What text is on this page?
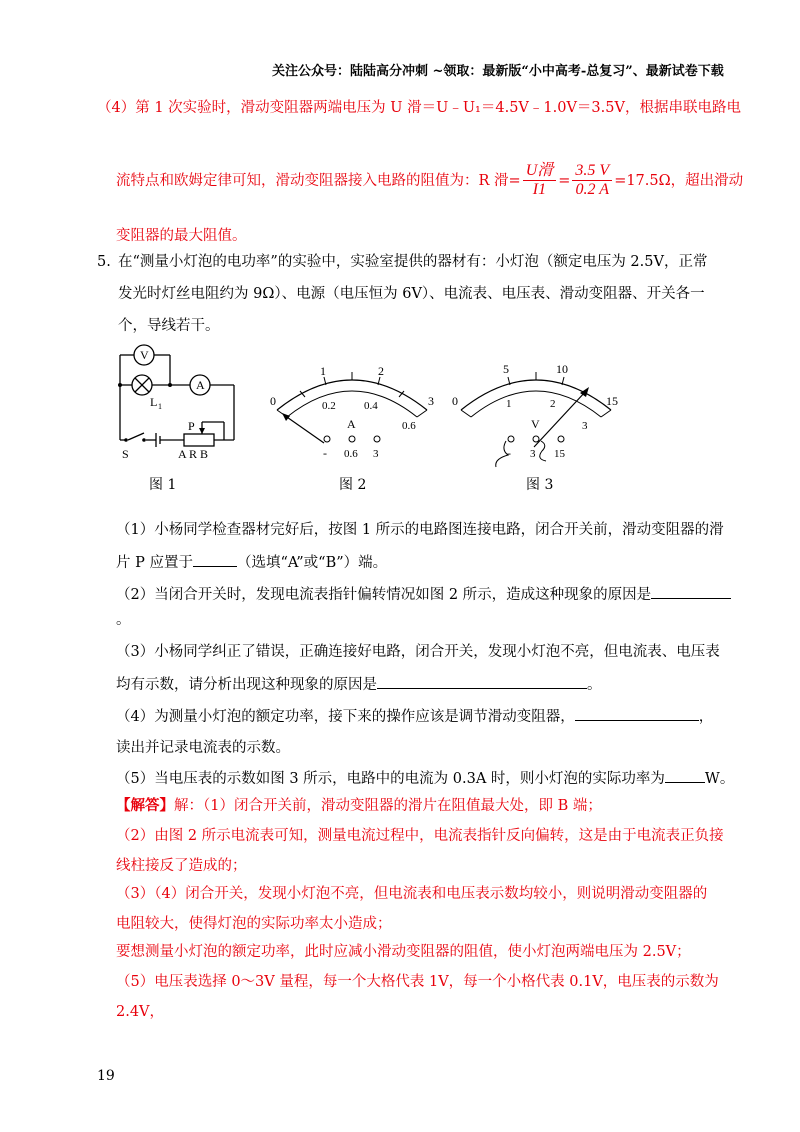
关注公众号：陆陆高分冲刺 ~领取：最新版“小中高考-总复习”、最新试卷下载
（4）第 1 次实验时，滑动变阻器两端电压为 U 滑＝U﹣U₁＝4.5V﹣1.0V＝3.5V，根据串联电路电
流特点和欧姆定律可知，滑动变阻器接入电路的阻值为：R 滑= $\frac{\text{U滑}}{I1} = \frac{3.5 V}{0.2 A} =17.5\Omega$，超出滑动
变阻器的最大阻值。
5. 在“测量小灯泡的电功率”的实验中，实验室提供的器材有：小灯泡（额定电压为 2.5V，正常
发光时灯丝电阻约为 9Ω）、电源（电压恒为 6V）、电流表、电压表、滑动变阻器、开关各一
个，导线若干。
V
A
L 1
P
S	A R B
图 1
0
1	2
3
0.2	0.4
0.6
A
- 0.6 3
图 2
0
5	10
15
1	2
3
V
- 3 15
图 3
（1）小杨同学检查器材完好后，按图 1 所示的电路图连接电路，闭合开关前，滑动变阻器的滑
片 P 应置于	（选填“A”或“B”）端。
（2）当闭合开关时，发现电流表指针偏转情况如图 2 所示，造成这种现象的原因是
。
（3）小杨同学纠正了错误，正确连接好电路，闭合开关，发现小灯泡不亮，但电流表、电压表
均有示数，请分析出现这种现象的原因是	。
（4）为测量小灯泡的额定功率，接下来的操作应该是调节滑动变阻器，	，
读出并记录电流表的示数。
（5）当电压表的示数如图 3 所示，电路中的电流为 0.3A 时，则小灯泡的实际功率为	W。
【解答】解：（1）闭合开关前，滑动变阻器的滑片在阻值最大处，即 B 端；
（2）由图 2 所示电流表可知，测量电流过程中，电流表指针反向偏转，这是由于电流表正负接
线柱接反了造成的；
（3）（4）闭合开关，发现小灯泡不亮，但电流表和电压表示数均较小，则说明滑动变阻器的
电阻较大，使得灯泡的实际功率太小造成；
要想测量小灯泡的额定功率，此时应减小滑动变阻器的阻值，使小灯泡两端电压为 2.5V；
（5）电压表选择 0～3V 量程，每一个大格代表 1V，每一个小格代表 0.1V，电压表的示数为
2.4V，
19
